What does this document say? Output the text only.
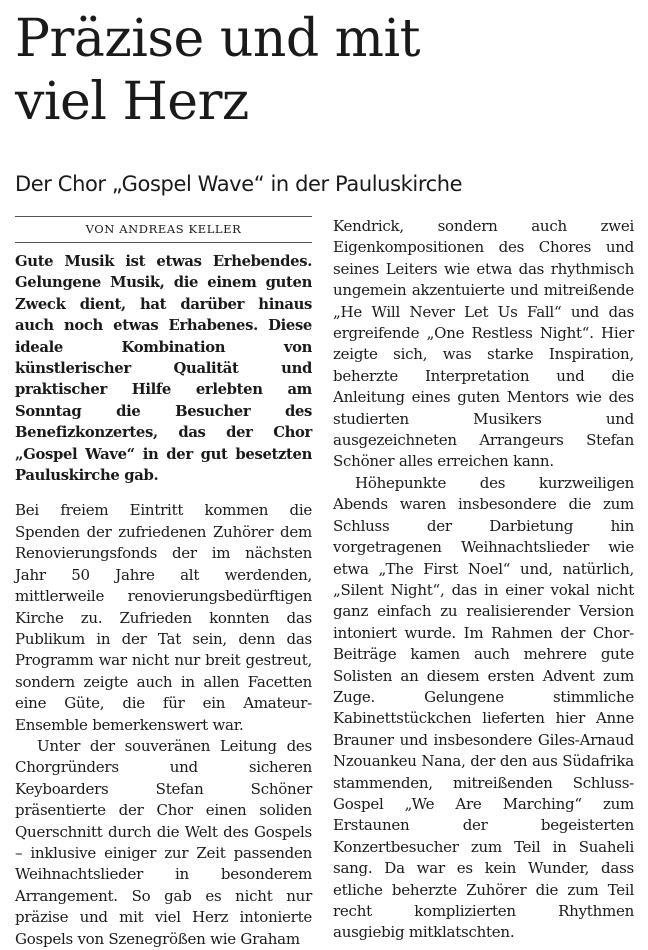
Präzise und mit
viel Herz
Der Chor „Gospel Wave“ in der Pauluskirche
VON ANDREAS KELLER

Gute Musik ist etwas Erhebendes. Gelungene Musik, die einem guten Zweck dient, hat darüber hinaus auch noch etwas Erhabenes. Diese ideale Kombination von künstlerischer Qualität und praktischer Hilfe erlebten am Sonntag die Besucher des Benefizkonzertes, das der Chor „Gospel Wave“ in der gut besetzten Pauluskirche gab.

Bei freiem Eintritt kommen die Spenden der zufriedenen Zuhörer dem Renovierungsfonds der im nächsten Jahr 50 Jahre alt werdenden, mittlerweile renovierungsbedürftigen Kirche zu. Zufrieden konnten das Publikum in der Tat sein, denn das Programm war nicht nur breit gestreut, sondern zeigte auch in allen Facetten eine Güte, die für ein Amateur-Ensemble bemerkenswert war.

Unter der souveränen Leitung des Chorgründers und sicheren Keyboarders Stefan Schöner präsentierte der Chor einen soliden Querschnitt durch die Welt des Gospels – inklusive einiger zur Zeit passenden Weihnachtslieder in besonderem Arrangement. So gab es nicht nur präzise und mit viel Herz intonierte Gospels von Szenegrößen wie Graham

Kendrick, sondern auch zwei Eigenkompositionen des Chores und seines Leiters wie etwa das rhythmisch ungemein akzentuierte und mitreißende „He Will Never Let Us Fall“ und das ergreifende „One Restless Night“. Hier zeigte sich, was starke Inspiration, beherzte Interpretation und die Anleitung eines guten Mentors wie des studierten Musikers und ausgezeichneten Arrangeurs Stefan Schöner alles erreichen kann.

Höhepunkte des kurzweiligen Abends waren insbesondere die zum Schluss der Darbietung hin vorgetragenen Weihnachtslieder wie etwa „The First Noel“ und, natürlich, „Silent Night“, das in einer vokal nicht ganz einfach zu realisierender Version intoniert wurde. Im Rahmen der Chor-Beiträge kamen auch mehrere gute Solisten an diesem ersten Advent zum Zuge. Gelungene stimmliche Kabinettstückchen lieferten hier Anne Brauner und insbesondere Giles-Arnaud Nzouankeu Nana, der den aus Südafrika stammenden, mitreißenden Schluss-Gospel „We Are Marching“ zum Erstaunen der begeisterten Konzertbesucher zum Teil in Suaheli sang. Da war es kein Wunder, dass etliche beherzte Zuhörer die zum Teil recht komplizierten Rhythmen ausgiebig mitklatschten.
